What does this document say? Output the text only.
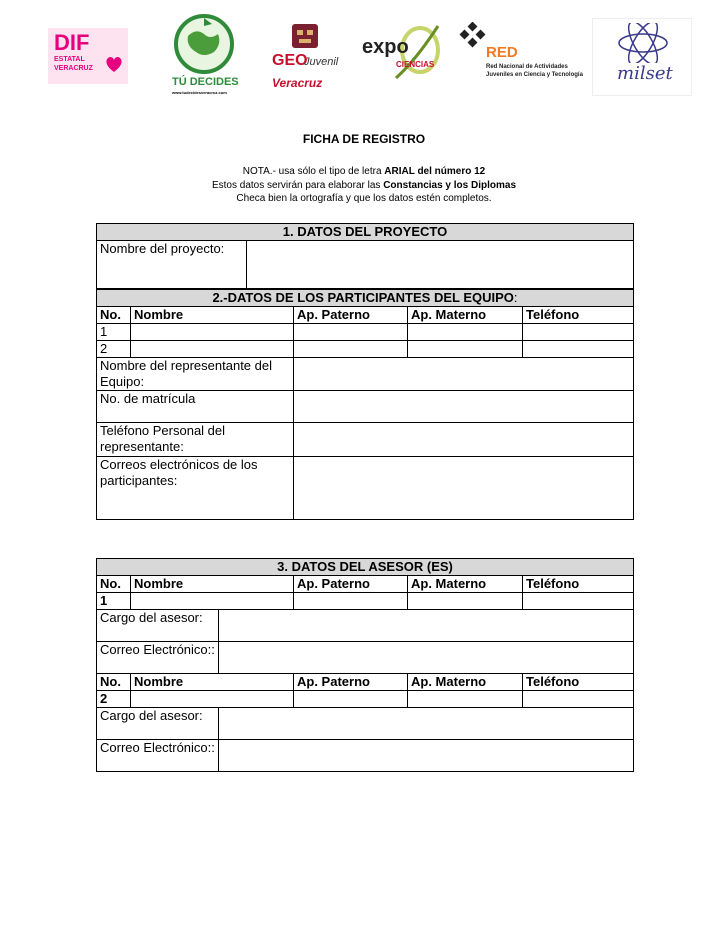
DIF
ESTATAL
VERACRUZ
TÚ DECIDES
www.tudecidesveracruz.com
GEO
Juvenil
Veracruz
expo
CIENCIAS
RED
Red Nacional de Actividades
Juveniles en Ciencia y Tecnología milset
FICHA DE REGISTRO
NOTA.- usa sólo el tipo de letra ARIAL del número 12
Estos datos servirán para elaborar las Constancias y los Diplomas
Checa bien la ortografía y que los datos estén completos.
1. DATOS DEL PROYECTO
Nombre del proyecto:	
2.-DATOS DE LOS PARTICIPANTES DEL EQUIPO:				
No.	Nombre	Ap. Paterno	Ap. Materno	Teléfono
1				
2				
Nombre del representante del Equipo:				
No. de matrícula				
Teléfono Personal del representante:				
Correos electrónicos de los participantes:				
3. DATOS DEL ASESOR (ES)					
No.	Nombre		Ap. Paterno	Ap. Materno	Teléfono
1					
Cargo del asesor:					
Correo Electrónico::					
No.	Nombre		Ap. Paterno	Ap. Materno	Teléfono
2					
Cargo del asesor:					
Correo Electrónico::					
